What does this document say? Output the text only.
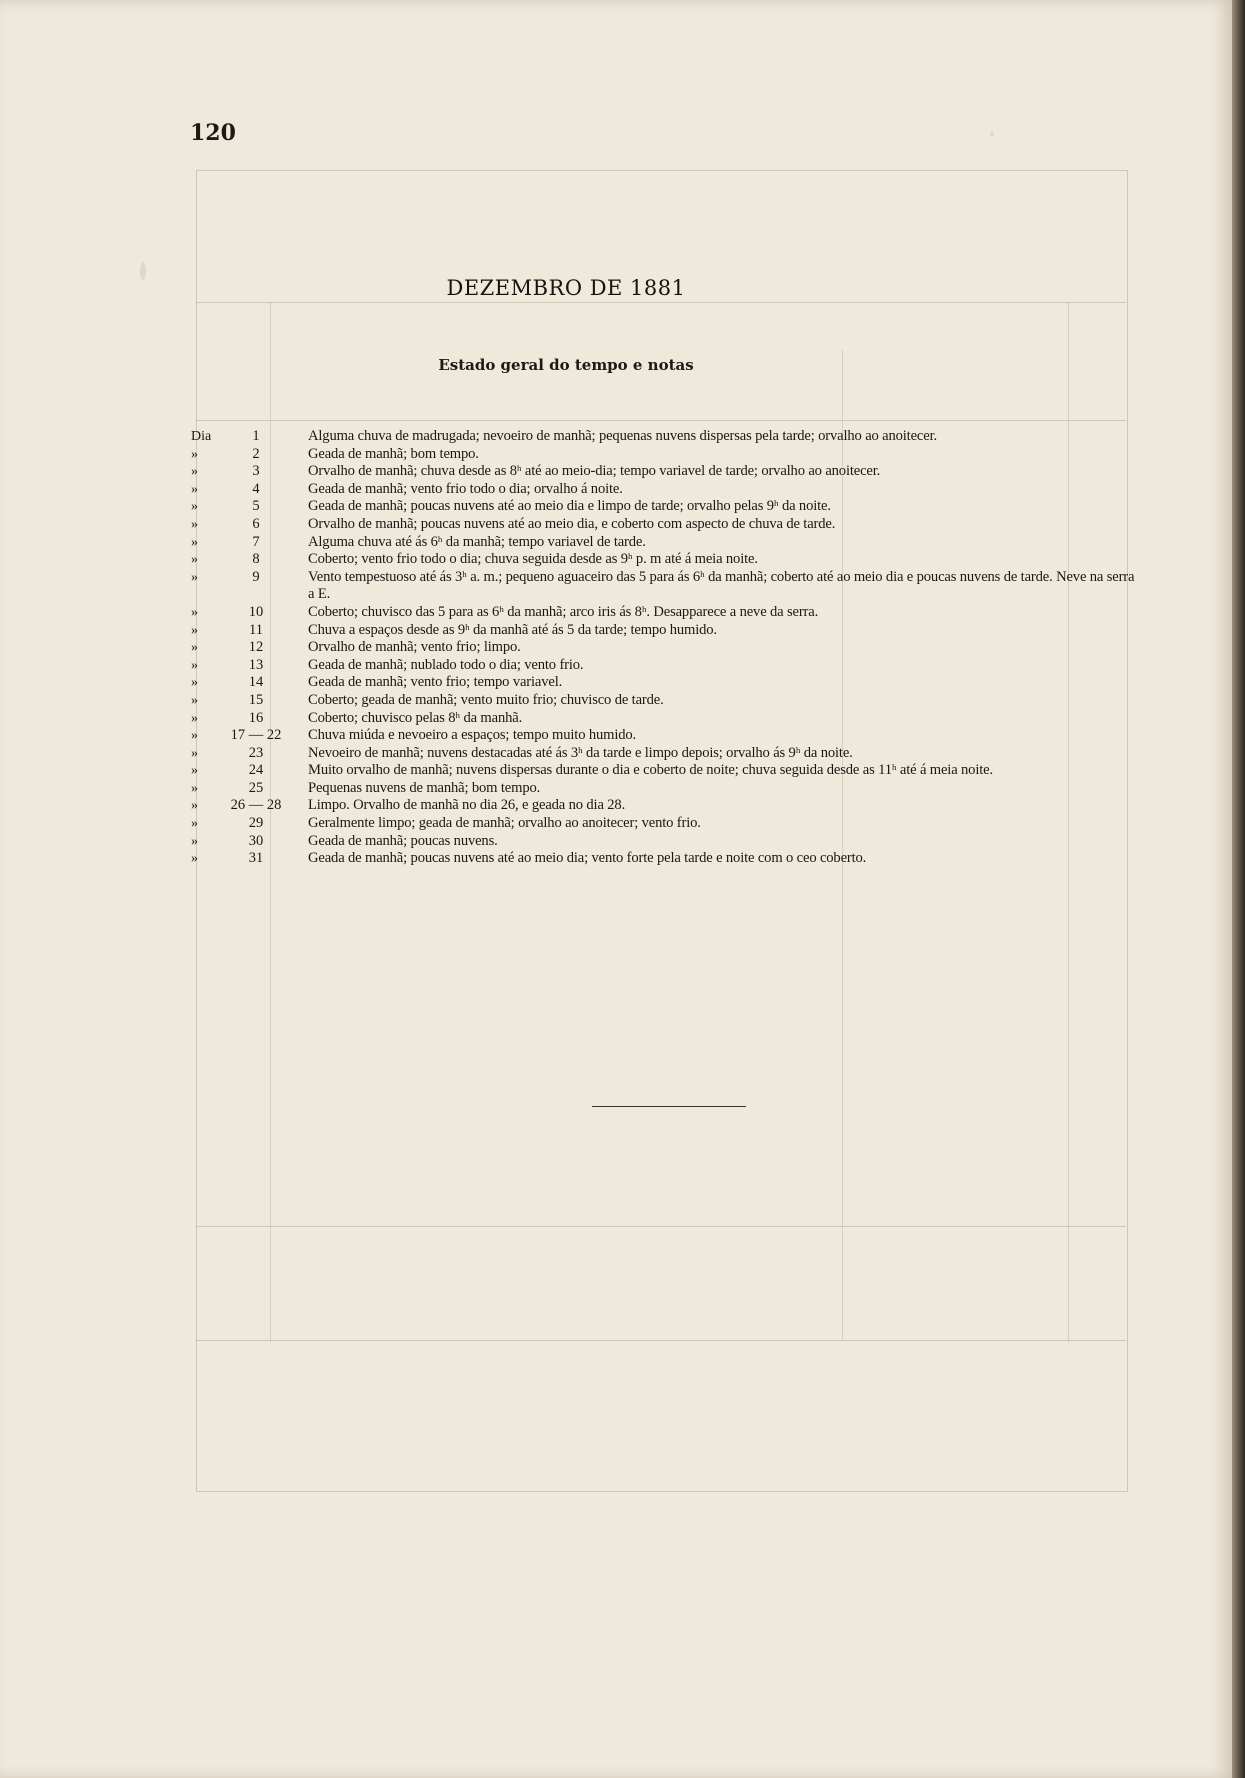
120
DEZEMBRO DE 1881
Estado geral do tempo e notas
Dia	1	Alguma chuva de madrugada; nevoeiro de manhã; pequenas nuvens dispersas pela tarde; orvalho ao anoitecer.
»	2	Geada de manhã; bom tempo.
»	3	Orvalho de manhã; chuva desde as 8ʰ até ao meio-dia; tempo variavel de tarde; orvalho ao anoitecer.
»	4	Geada de manhã; vento frio todo o dia; orvalho á noite.
»	5	Geada de manhã; poucas nuvens até ao meio dia e limpo de tarde; orvalho pelas 9ʰ da noite.
»	6	Orvalho de manhã; poucas nuvens até ao meio dia, e coberto com aspecto de chuva de tarde.
»	7	Alguma chuva até ás 6ʰ da manhã; tempo variavel de tarde.
»	8	Coberto; vento frio todo o dia; chuva seguida desde as 9ʰ p. m até á meia noite.
»	9	Vento tempestuoso até ás 3ʰ a. m.; pequeno aguaceiro das 5 para ás 6ʰ da manhã; coberto até ao meio dia e poucas nuvens de tarde. Neve na serra a E.
»	10	Coberto; chuvisco das 5 para as 6ʰ da manhã; arco iris ás 8ʰ. Desapparece a neve da serra.
»	11	Chuva a espaços desde as 9ʰ da manhã até ás 5 da tarde; tempo humido.
»	12	Orvalho de manhã; vento frio; limpo.
»	13	Geada de manhã; nublado todo o dia; vento frio.
»	14	Geada de manhã; vento frio; tempo variavel.
»	15	Coberto; geada de manhã; vento muito frio; chuvisco de tarde.
»	16	Coberto; chuvisco pelas 8ʰ da manhã.
»	17 — 22	Chuva miúda e nevoeiro a espaços; tempo muito humido.
»	23	Nevoeiro de manhã; nuvens destacadas até ás 3ʰ da tarde e limpo depois; orvalho ás 9ʰ da noite.
»	24	Muito orvalho de manhã; nuvens dispersas durante o dia e coberto de noite; chuva seguida desde as 11ʰ até á meia noite.
»	25	Pequenas nuvens de manhã; bom tempo.
»	26 — 28	Limpo. Orvalho de manhã no dia 26, e geada no dia 28.
»	29	Geralmente limpo; geada de manhã; orvalho ao anoitecer; vento frio.
»	30	Geada de manhã; poucas nuvens.
»	31	Geada de manhã; poucas nuvens até ao meio dia; vento forte pela tarde e noite com o ceo coberto.
